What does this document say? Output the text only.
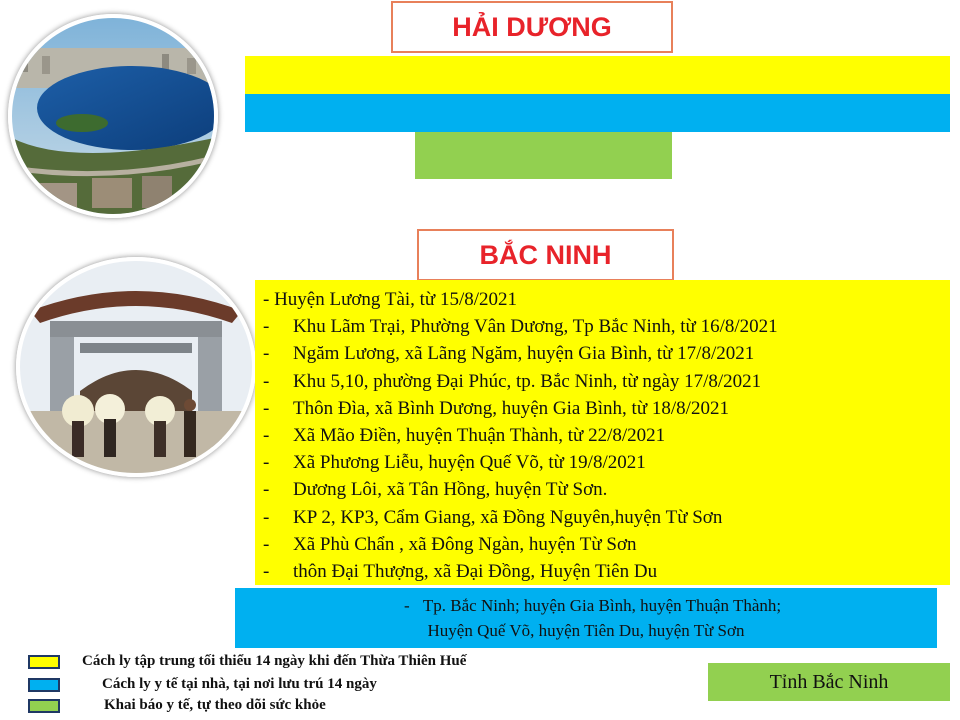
HẢI DƯƠNG
BẮC NINH
- Huyện Lương Tài, từ 15/8/2021
- Khu Lãm Trại, Phường Vân Dương, Tp Bắc Ninh, từ 16/8/2021
- Ngăm Lương, xã Lãng Ngăm, huyện Gia Bình, từ 17/8/2021
- Khu 5,10, phường Đại Phúc, tp. Bắc Ninh, từ ngày 17/8/2021
- Thôn Đìa, xã Bình Dương, huyện Gia Bình, từ 18/8/2021
- Xã Mão Điền, huyện Thuận Thành, từ 22/8/2021
- Xã Phương Liễu, huyện Quế Võ, từ 19/8/2021
- Dương Lôi, xã Tân Hồng, huyện Từ Sơn.
- KP 2, KP3, Cẩm Giang, xã Đồng Nguyên,huyện Từ Sơn
- Xã Phù Chẩn , xã Đông Ngàn, huyện Từ Sơn
- thôn Đại Thượng, xã Đại Đồng, Huyện Tiên Du
- Tp. Bắc Ninh; huyện Gia Bình, huyện Thuận Thành;
Huyện Quế Võ, huyện Tiên Du, huyện Từ Sơn
Cách ly tập trung tối thiểu 14 ngày khi đến Thừa Thiên Huế
Cách ly y tế tại nhà, tại nơi lưu trú 14 ngày
Khai báo y tế, tự theo dõi sức khỏe
Tỉnh Bắc Ninh
